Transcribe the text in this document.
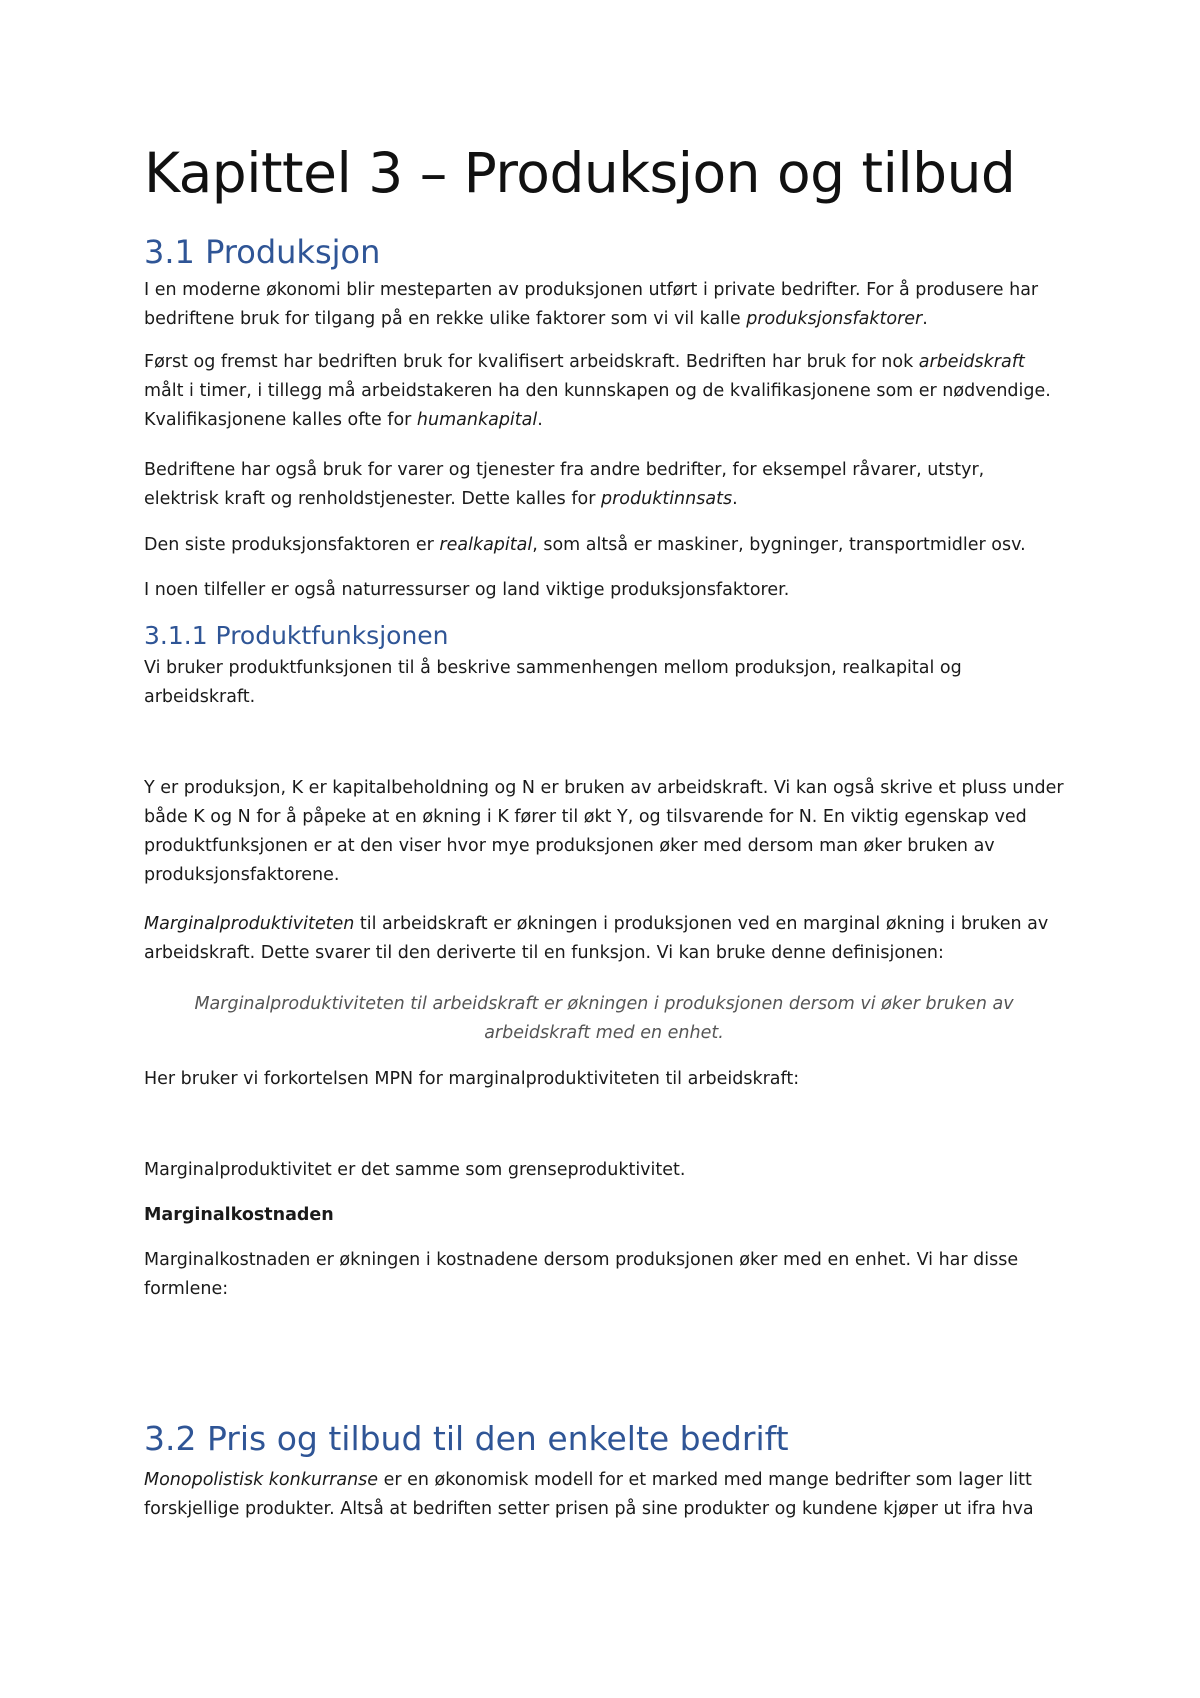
Kapittel 3 – Produksjon og tilbud
3.1 Produksjon

I en moderne økonomi blir mesteparten av produksjonen utført i private bedrifter. For å produsere har bedriftene bruk for tilgang på en rekke ulike faktorer som vi vil kalle produksjonsfaktorer.

Først og fremst har bedriften bruk for kvalifisert arbeidskraft. Bedriften har bruk for nok arbeidskraft målt i timer, i tillegg må arbeidstakeren ha den kunnskapen og de kvalifikasjonene som er nødvendige. Kvalifikasjonene kalles ofte for humankapital.

Bedriftene har også bruk for varer og tjenester fra andre bedrifter, for eksempel råvarer, utstyr, elektrisk kraft og renholdstjenester. Dette kalles for produktinnsats.

Den siste produksjonsfaktoren er realkapital, som altså er maskiner, bygninger, transportmidler osv.

I noen tilfeller er også naturressurser og land viktige produksjonsfaktorer.

3.1.1 Produktfunksjonen

Vi bruker produktfunksjonen til å beskrive sammenhengen mellom produksjon, realkapital og arbeidskraft.

Y er produksjon, K er kapitalbeholdning og N er bruken av arbeidskraft. Vi kan også skrive et pluss under både K og N for å påpeke at en økning i K fører til økt Y, og tilsvarende for N. En viktig egenskap ved produktfunksjonen er at den viser hvor mye produksjonen øker med dersom man øker bruken av produksjonsfaktorene.

Marginalproduktiviteten til arbeidskraft er økningen i produksjonen ved en marginal økning i bruken av arbeidskraft. Dette svarer til den deriverte til en funksjon. Vi kan bruke denne definisjonen:

Marginalproduktiviteten til arbeidskraft er økningen i produksjonen dersom vi øker bruken av arbeidskraft med en enhet.

Her bruker vi forkortelsen MPN for marginalproduktiviteten til arbeidskraft:

Marginalproduktivitet er det samme som grenseproduktivitet.

Marginalkostnaden

Marginalkostnaden er økningen i kostnadene dersom produksjonen øker med en enhet. Vi har disse formlene:

3.2 Pris og tilbud til den enkelte bedrift

Monopolistisk konkurranse er en økonomisk modell for et marked med mange bedrifter som lager litt forskjellige produkter. Altså at bedriften setter prisen på sine produkter og kundene kjøper ut ifra hva
